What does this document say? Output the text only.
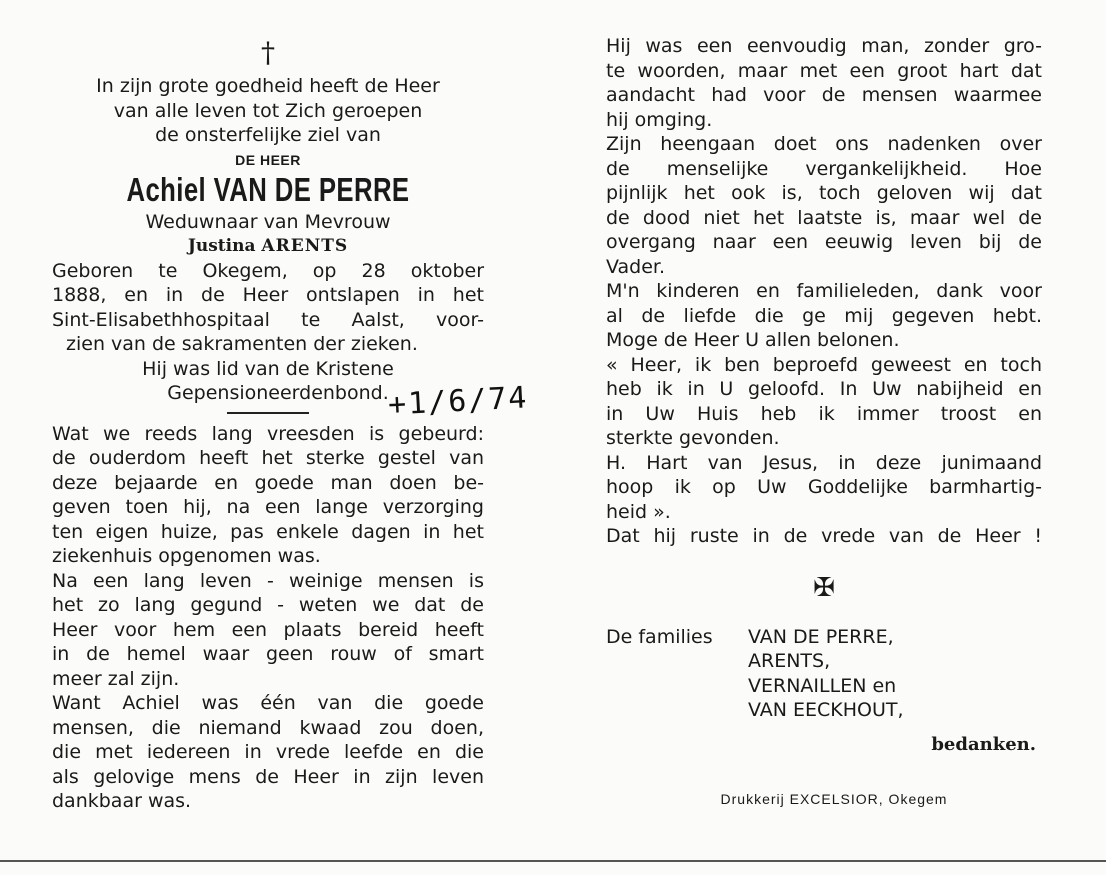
†
In zijn grote goedheid heeft de Heer
van alle leven tot Zich geroepen
de onsterfelijke ziel van
DE HEER
Achiel VAN DE PERRE
Weduwnaar van Mevrouw
Justina ARENTS
Geboren te Okegem, op 28 oktober
1888, en in de Heer ontslapen in het
Sint-Elisabethhospitaal te Aalst, voor-
zien van de sakramenten der zieken.
Hij was lid van de Kristene
Gepensioneerdenbond.
Wat we reeds lang vreesden is gebeurd:
de ouderdom heeft het sterke gestel van
deze bejaarde en goede man doen be-
geven toen hij, na een lange verzorging
ten eigen huize, pas enkele dagen in het
ziekenhuis opgenomen was.
Na een lang leven - weinige mensen is
het zo lang gegund - weten we dat de
Heer voor hem een plaats bereid heeft
in de hemel waar geen rouw of smart
meer zal zijn.
Want Achiel was één van die goede
mensen, die niemand kwaad zou doen,
die met iedereen in vrede leefde en die
als gelovige mens de Heer in zijn leven
dankbaar was.
+1/6/74
Hij was een eenvoudig man, zonder gro-
te woorden, maar met een groot hart dat
aandacht had voor de mensen waarmee
hij omging.
Zijn heengaan doet ons nadenken over
de menselijke vergankelijkheid. Hoe
pijnlijk het ook is, toch geloven wij dat
de dood niet het laatste is, maar wel de
overgang naar een eeuwig leven bij de
Vader.
M'n kinderen en familieleden, dank voor
al de liefde die ge mij gegeven hebt.
Moge de Heer U allen belonen.
« Heer, ik ben beproefd geweest en toch
heb ik in U geloofd. In Uw nabijheid en
in Uw Huis heb ik immer troost en
sterkte gevonden.
H. Hart van Jesus, in deze junimaand
hoop ik op Uw Goddelijke barmhartig-
heid ».
Dat hij ruste in de vrede van de Heer !
✠
De families	VAN DE PERRE,
ARENTS,
VERNAILLEN en
VAN EECKHOUT,
bedanken.
Drukkerij EXCELSIOR, Okegem
